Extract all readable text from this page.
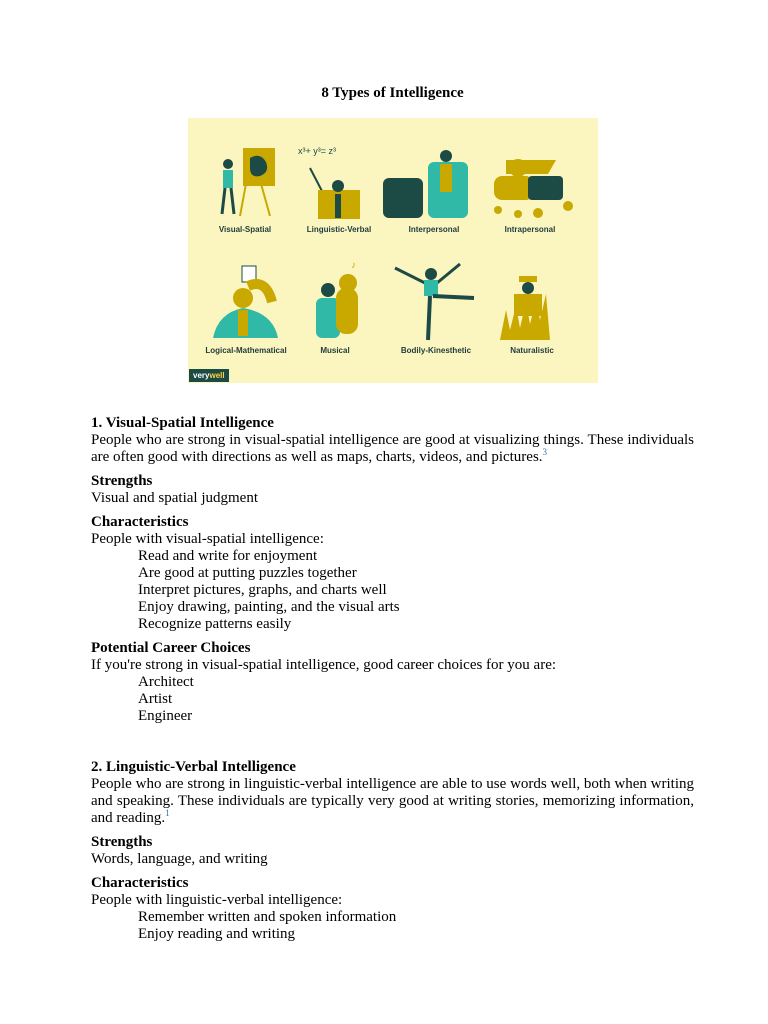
8 Types of Intelligence
x³+ y³= z³
♪
Visual-Spatial	Linguistic-Verbal	Interpersonal	Intrapersonal
Logical-Mathematical	Musical	Bodily-Kinesthetic	Naturalistic
verywell
1. Visual-Spatial Intelligence

People who are strong in visual-spatial intelligence are good at visualizing things. These individuals are often good with directions as well as maps, charts, videos, and pictures.$^3$

Strengths

Visual and spatial judgment

Characteristics

People with visual-spatial intelligence:

Read and write for enjoyment
Are good at putting puzzles together
Interpret pictures, graphs, and charts well
Enjoy drawing, painting, and the visual arts
Recognize patterns easily
Potential Career Choices

If you're strong in visual-spatial intelligence, good career choices for you are:

Architect
Artist
Engineer
2. Linguistic-Verbal Intelligence

People who are strong in linguistic-verbal intelligence are able to use words well, both when writing and speaking. These individuals are typically very good at writing stories, memorizing information, and reading.$^1$

Strengths

Words, language, and writing

Characteristics

People with linguistic-verbal intelligence:

Remember written and spoken information
Enjoy reading and writing
